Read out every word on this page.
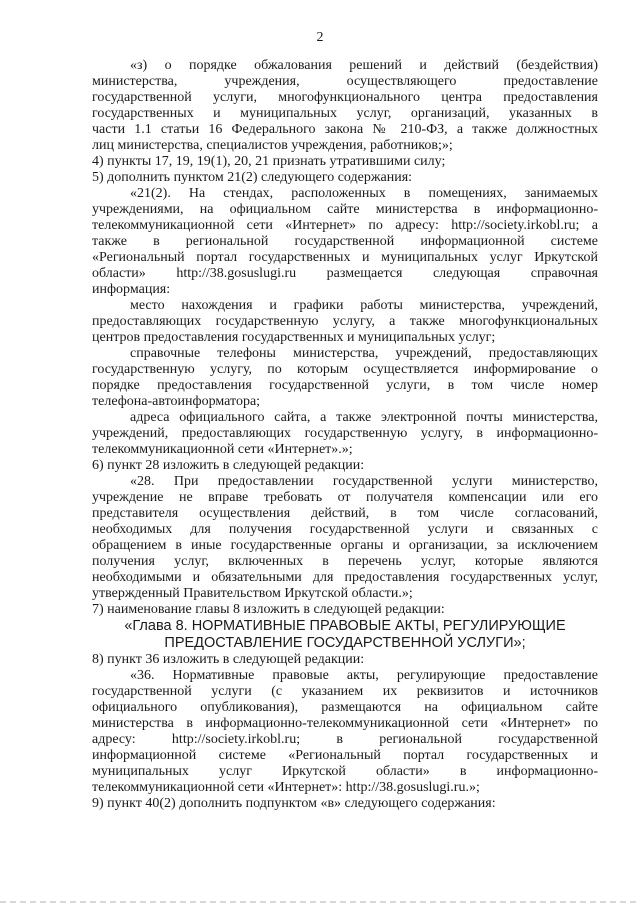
2

«з) о порядке обжалования решений и действий (бездействия)

министерства, учреждения, осуществляющего предоставление

государственной услуги, многофункционального центра предоставления

государственных и муниципальных услуг, организаций, указанных в

части 1.1 статьи 16 Федерального закона № 210-ФЗ, а также должностных

лиц министерства, специалистов учреждения, работников;»;

4) пункты 17, 19, 19(1), 20, 21 признать утратившими силу;

5) дополнить пунктом 21(2) следующего содержания:

«21(2). На стендах, расположенных в помещениях, занимаемых

учреждениями, на официальном сайте министерства в информационно-

телекоммуникационной сети «Интернет» по адресу: http://society.irkobl.ru; а

также в региональной государственной информационной системе

«Региональный портал государственных и муниципальных услуг Иркутской

области» http://38.gosuslugi.ru размещается следующая справочная

информация:

место нахождения и графики работы министерства, учреждений,

предоставляющих государственную услугу, а также многофункциональных

центров предоставления государственных и муниципальных услуг;

справочные телефоны министерства, учреждений, предоставляющих

государственную услугу, по которым осуществляется информирование о

порядке предоставления государственной услуги, в том числе номер

телефона-автоинформатора;

адреса официального сайта, а также электронной почты министерства,

учреждений, предоставляющих государственную услугу, в информационно-

телекоммуникационной сети «Интернет».»;

6) пункт 28 изложить в следующей редакции:

«28. При предоставлении государственной услуги министерство,

учреждение не вправе требовать от получателя компенсации или его

представителя осуществления действий, в том числе согласований,

необходимых для получения государственной услуги и связанных с

обращением в иные государственные органы и организации, за исключением

получения услуг, включенных в перечень услуг, которые являются

необходимыми и обязательными для предоставления государственных услуг,

утвержденный Правительством Иркутской области.»;

7) наименование главы 8 изложить в следующей редакции:

«Глава 8. НОРМАТИВНЫЕ ПРАВОВЫЕ АКТЫ, РЕГУЛИРУЮЩИЕ

ПРЕДОСТАВЛЕНИЕ ГОСУДАРСТВЕННОЙ УСЛУГИ»;

8) пункт 36 изложить в следующей редакции:

«36. Нормативные правовые акты, регулирующие предоставление

государственной услуги (с указанием их реквизитов и источников

официального опубликования), размещаются на официальном сайте

министерства в информационно-телекоммуникационной сети «Интернет» по

адресу: http://society.irkobl.ru; в региональной государственной

информационной системе «Региональный портал государственных и

муниципальных услуг Иркутской области» в информационно-

телекоммуникационной сети «Интернет»: http://38.gosuslugi.ru.»;

9) пункт 40(2) дополнить подпунктом «в» следующего содержания:
